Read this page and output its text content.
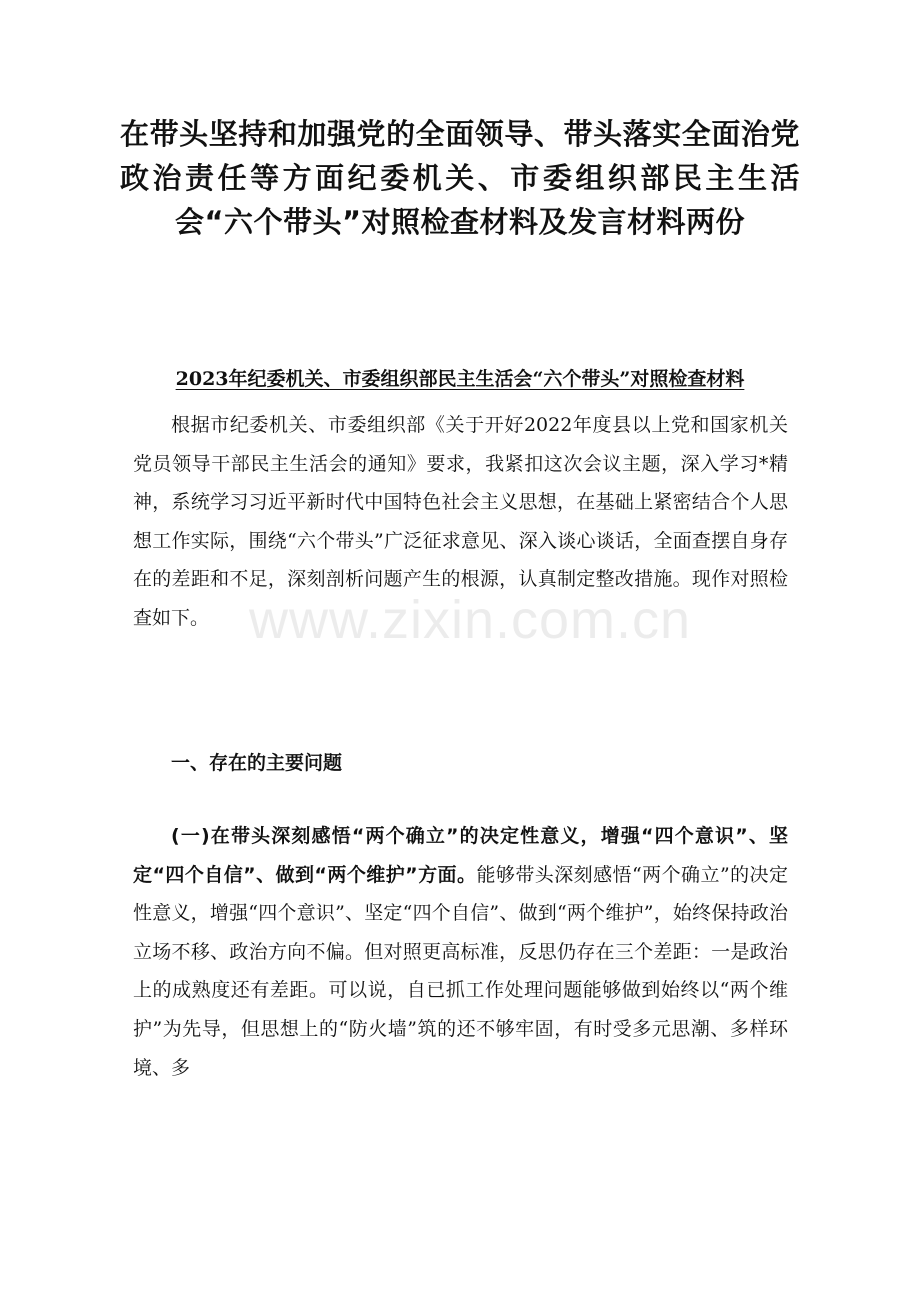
在带头坚持和加强党的全面领导、带头落实全面治党政治责任等方面纪委机关、市委组织部民主生活会“六个带头”对照检查材料及发言材料两份
2023年纪委机关、市委组织部民主生活会“六个带头”对照检查材料

根据市纪委机关、市委组织部《关于开好2022年度县以上党和国家机关党员领导干部民主生活会的通知》要求，我紧扣这次会议主题，深入学习*精神，系统学习习近平新时代中国特色社会主义思想，在基础上紧密结合个人思想工作实际，围绕“六个带头”广泛征求意见、深入谈心谈话，全面查摆自身存在的差距和不足，深刻剖析问题产生的根源，认真制定整改措施。现作对照检查如下。

一、存在的主要问题

(一)在带头深刻感悟“两个确立”的决定性意义，增强“四个意识”、坚定“四个自信”、做到“两个维护”方面。能够带头深刻感悟“两个确立”的决定性意义，增强“四个意识”、坚定“四个自信”、做到“两个维护”，始终保持政治立场不移、政治方向不偏。但对照更高标准，反思仍存在三个差距：一是政治上的成熟度还有差距。可以说，自已抓工作处理问题能够做到始终以“两个维护”为先导，但思想上的“防火墙”筑的还不够牢固，有时受多元思潮、多样环境、多

www.zixin.com.cn
